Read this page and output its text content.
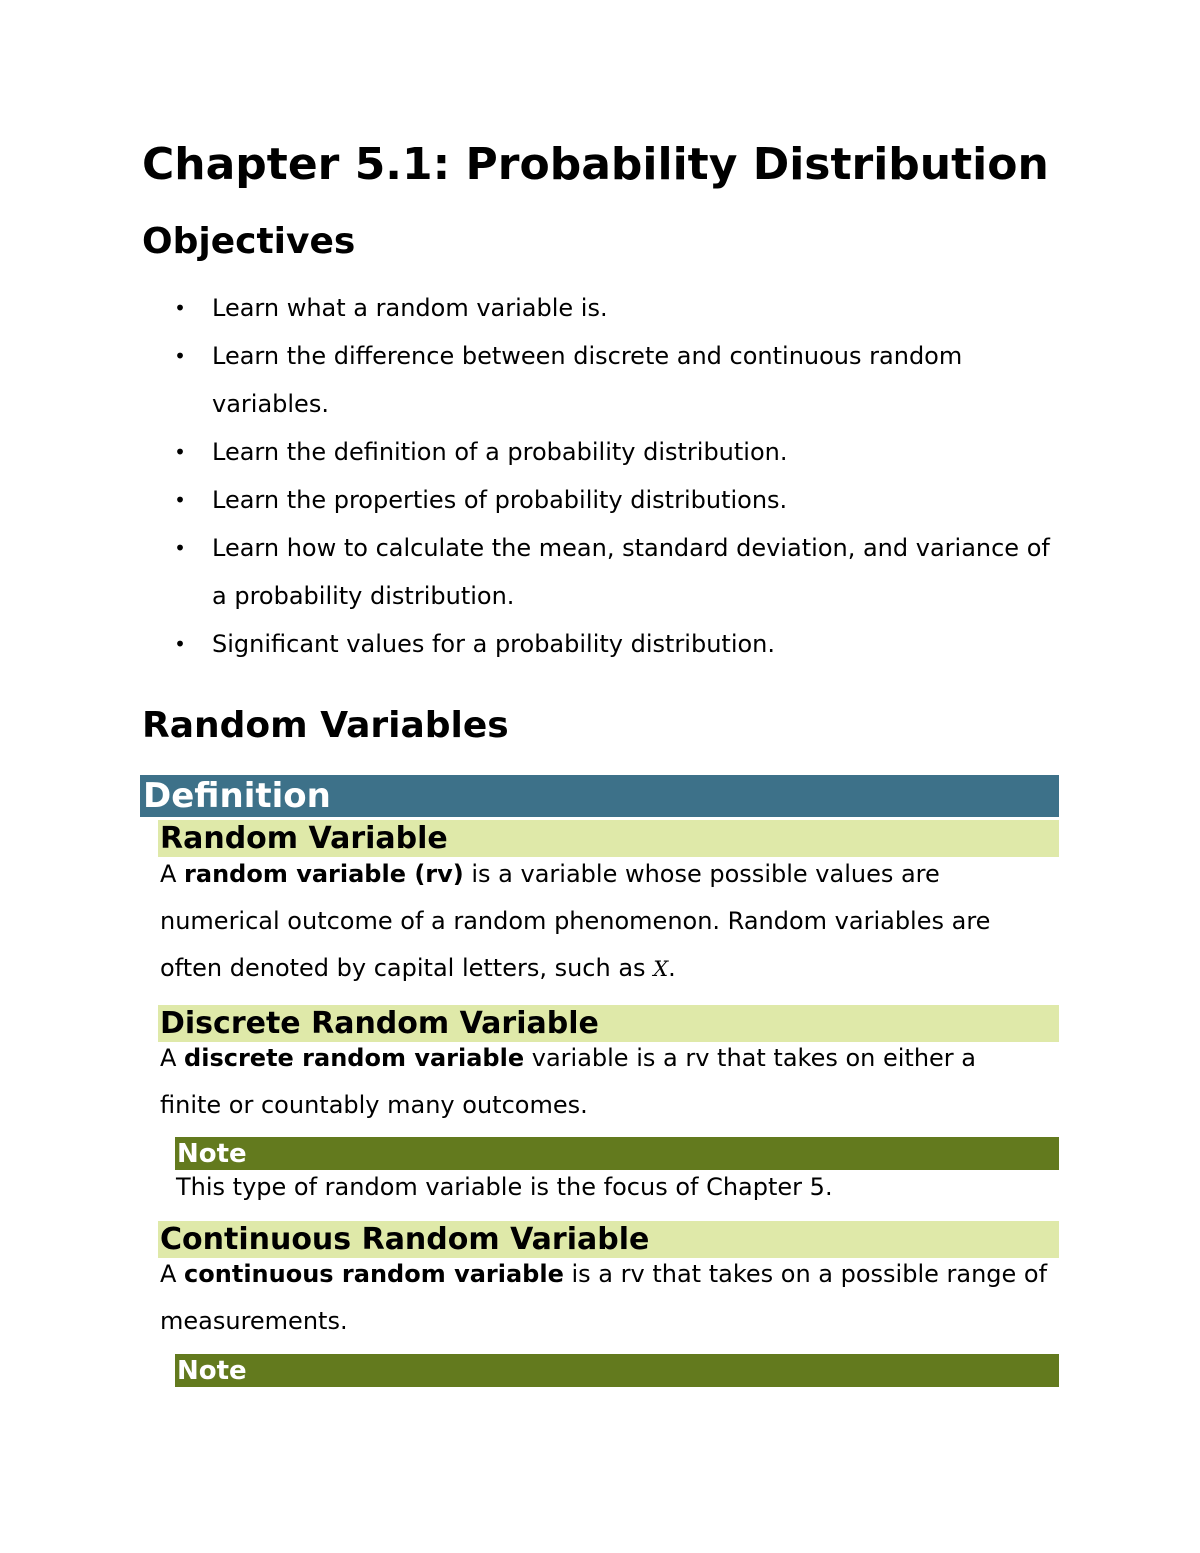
Chapter 5.1: Probability Distribution
Objectives
• Learn what a random variable is.
• Learn the difference between discrete and continuous random variables.
• Learn the definition of a probability distribution.
• Learn the properties of probability distributions.
• Learn how to calculate the mean, standard deviation, and variance of a probability distribution.
• Significant values for a probability distribution.
Random Variables
Definition
Random Variable

A random variable (rv) is a variable whose possible values are numerical outcome of a random phenomenon. Random variables are often denoted by capital letters, such as X.

Discrete Random Variable

A discrete random variable variable is a rv that takes on either a finite or countably many outcomes.

Note

This type of random variable is the focus of Chapter 5.

Continuous Random Variable

A continuous random variable is a rv that takes on a possible range of measurements.

Note
